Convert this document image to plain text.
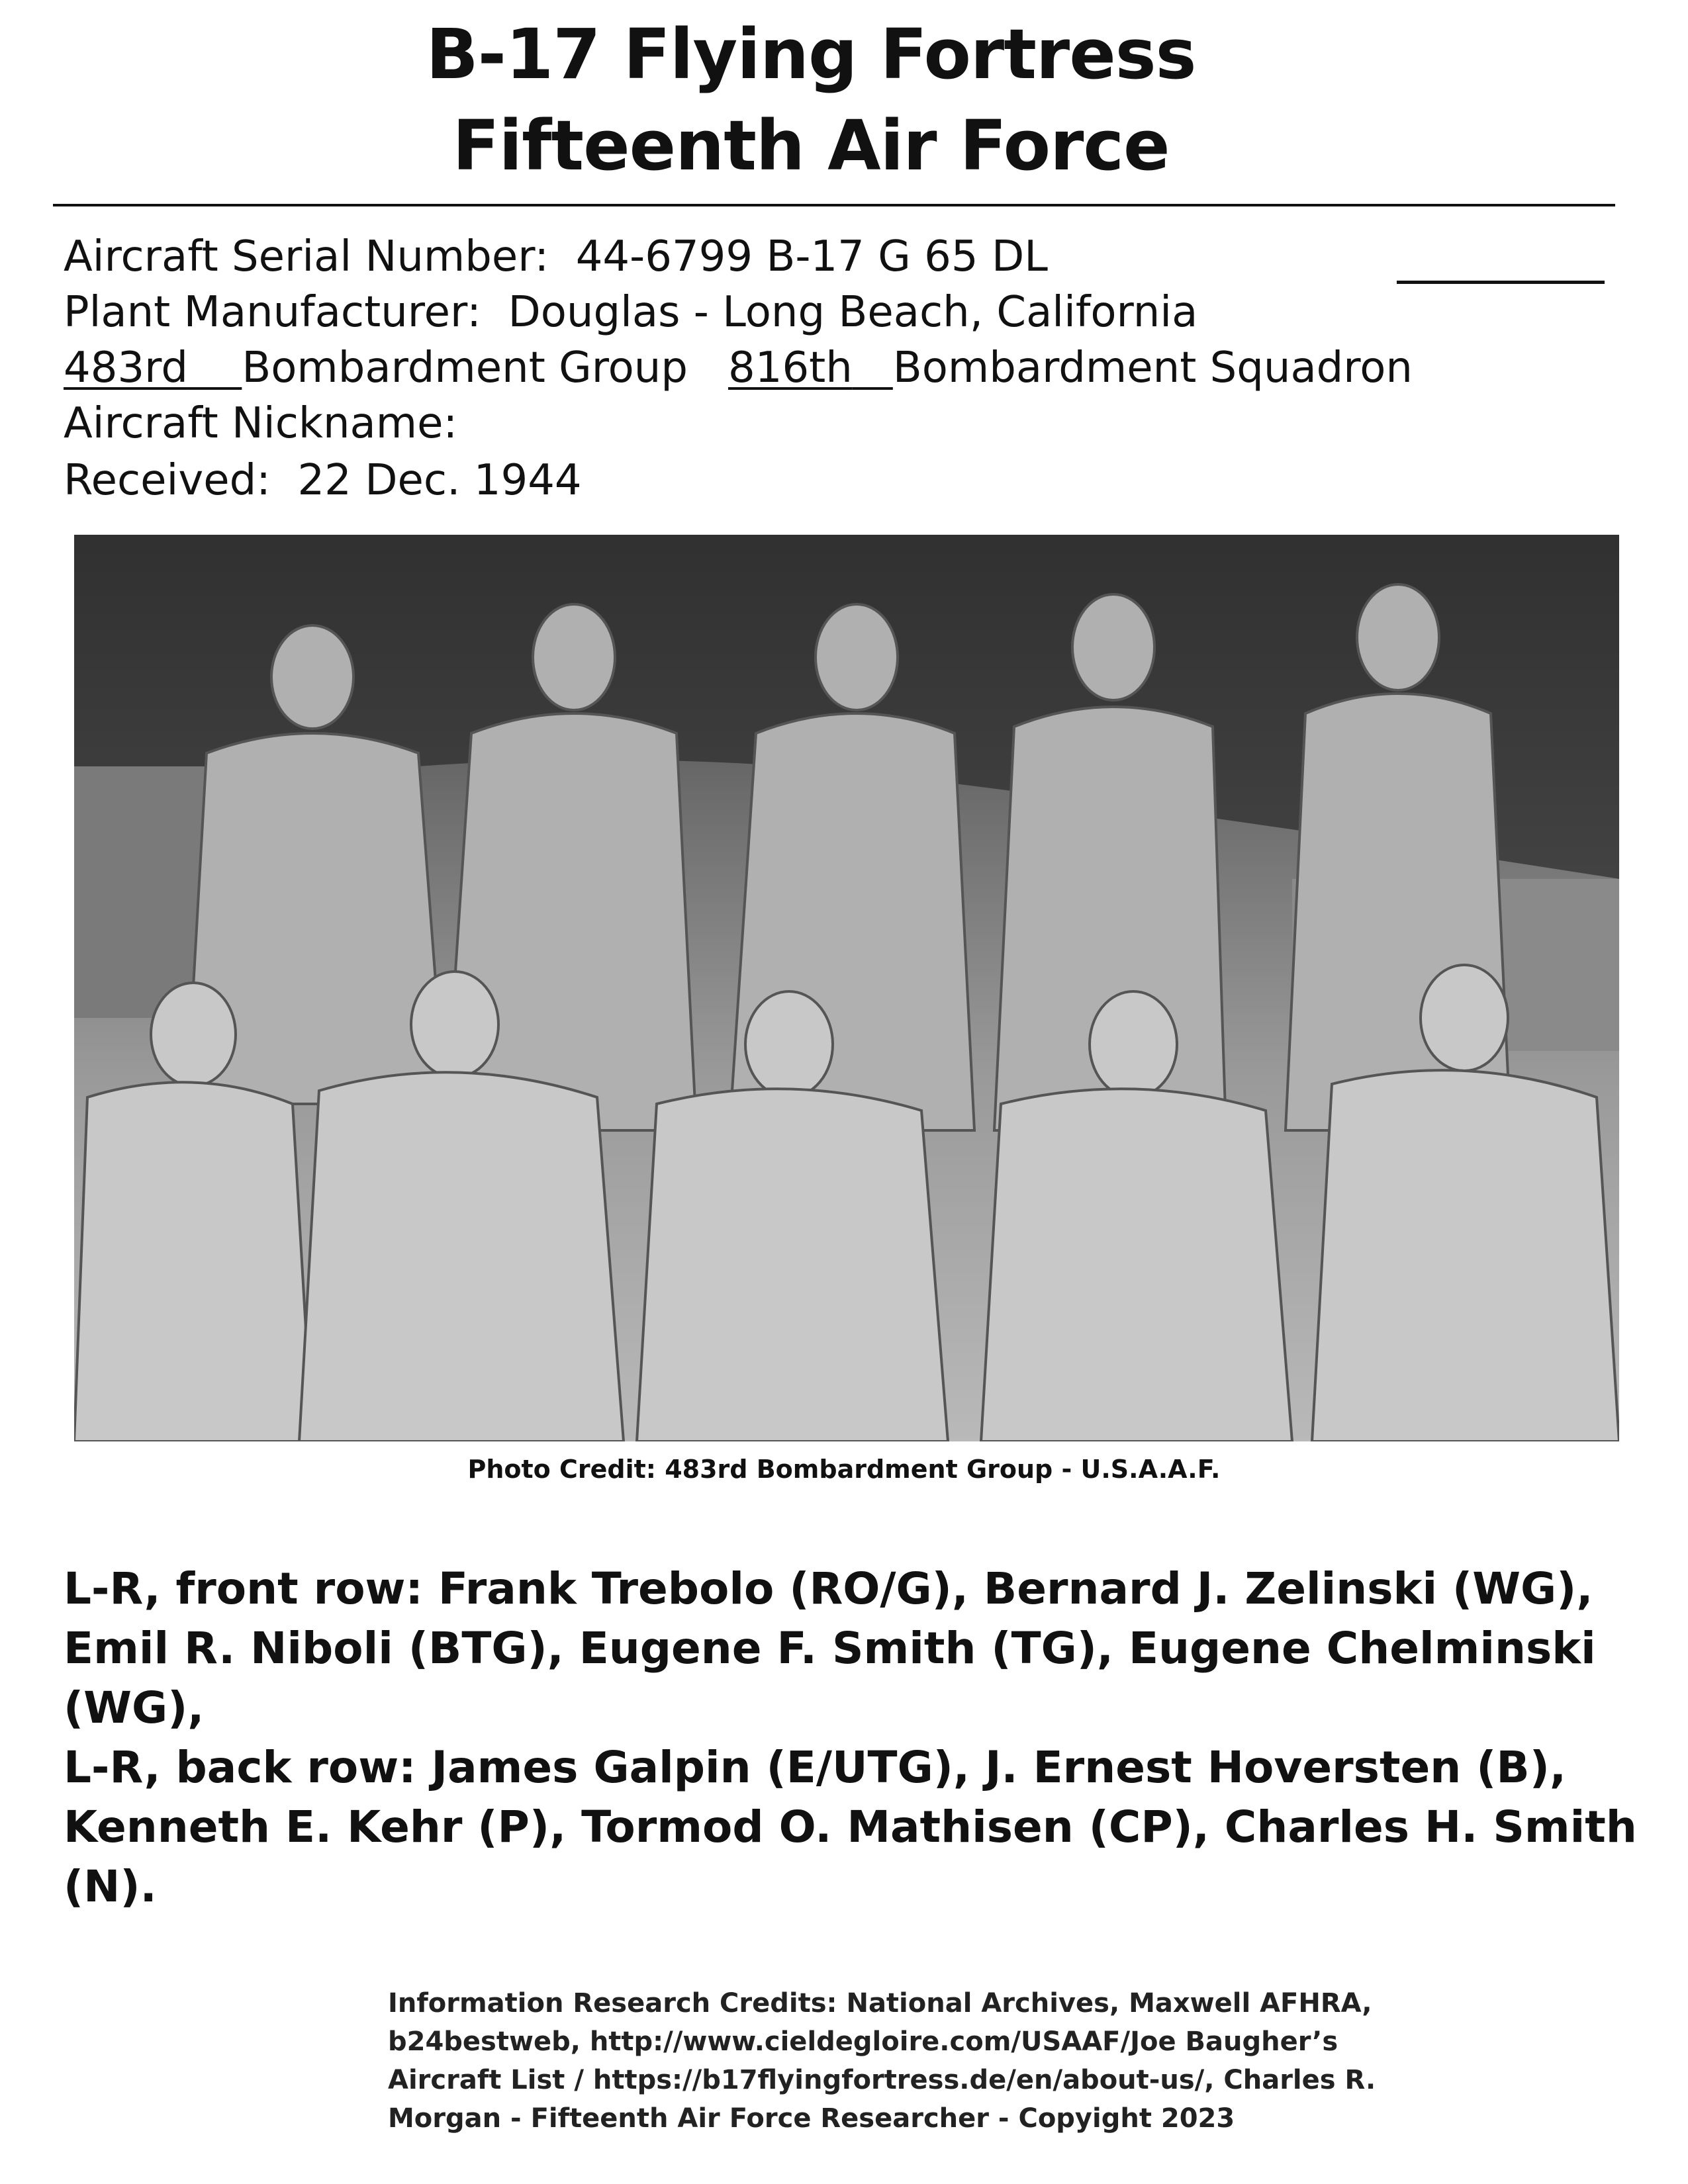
B-17 Flying Fortress
Fifteenth Air Force
Aircraft Serial Number: 44-6799 B-17 G 65 DL
Plant Manufacturer: Douglas - Long Beach, California
483rd Bombardment Group 816th Bombardment Squadron
Aircraft Nickname:
Received: 22 Dec. 1944
Photo Credit: 483rd Bombardment Group - U.S.A.A.F.
L-R, front row: Frank Trebolo (RO/G), Bernard J. Zelinski (WG), Emil R. Niboli (BTG), Eugene F. Smith (TG), Eugene Chelminski (WG),
L-R, back row: James Galpin (E/UTG), J. Ernest Hoversten (B), Kenneth E. Kehr (P), Tormod O. Mathisen (CP), Charles H. Smith (N).
Information Research Credits: National Archives, Maxwell AFHRA,
b24bestweb, http://www.cieldegloire.com/USAAF/Joe Baugher’s
Aircraft List / https://b17flyingfortress.de/en/about-us/, Charles R.
Morgan - Fifteenth Air Force Researcher - Copyight 2023
